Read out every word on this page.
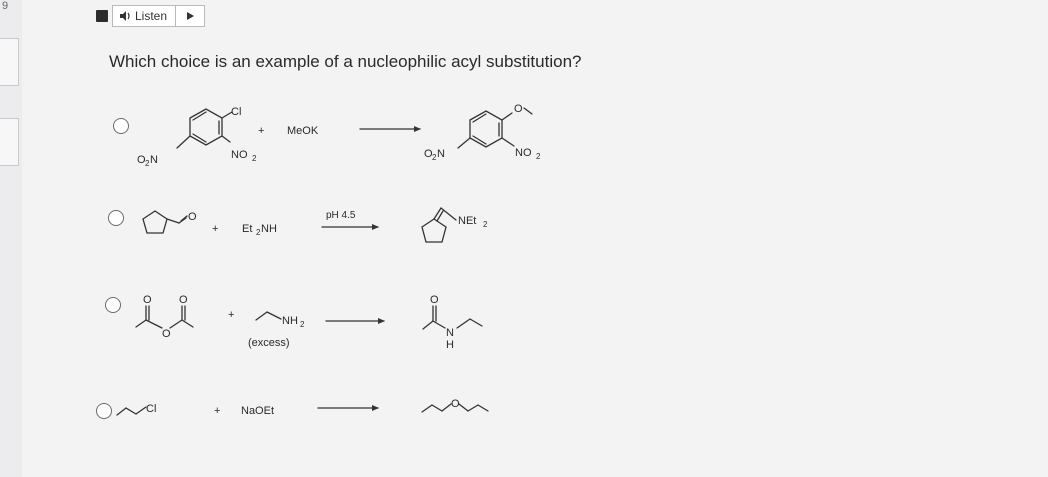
9
Listen
Which choice is an example of a nucleophilic acyl substitution?
Cl
O 2 N	NO 2
+ MeOK
O
O 2 N	NO 2
O
+ Et 2 NH
pH 4.5	NEt 2
O O
O
+	NH 2
(excess)
O
N
H
Cl	+ NaOEt
O
